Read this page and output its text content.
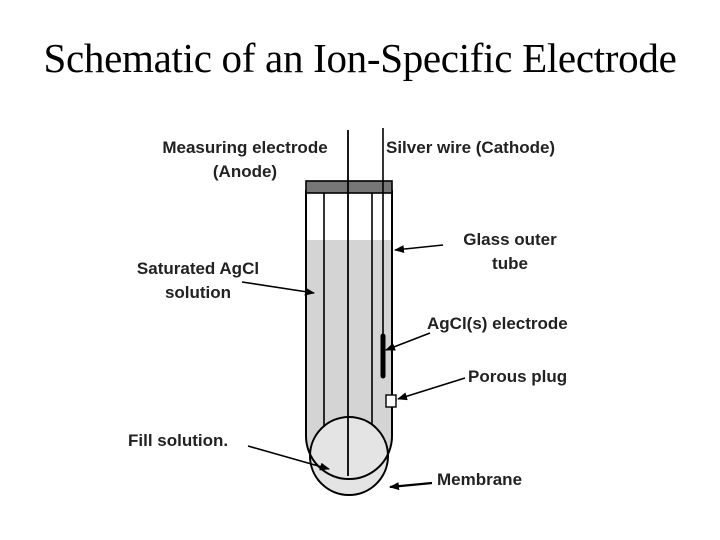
Schematic of an Ion-Specific Electrode
Measuring electrode
(Anode)
Silver wire (Cathode)
Glass outer
tube
Saturated AgCl
solution
AgCl(s) electrode
Porous plug
Fill solution.
Membrane
